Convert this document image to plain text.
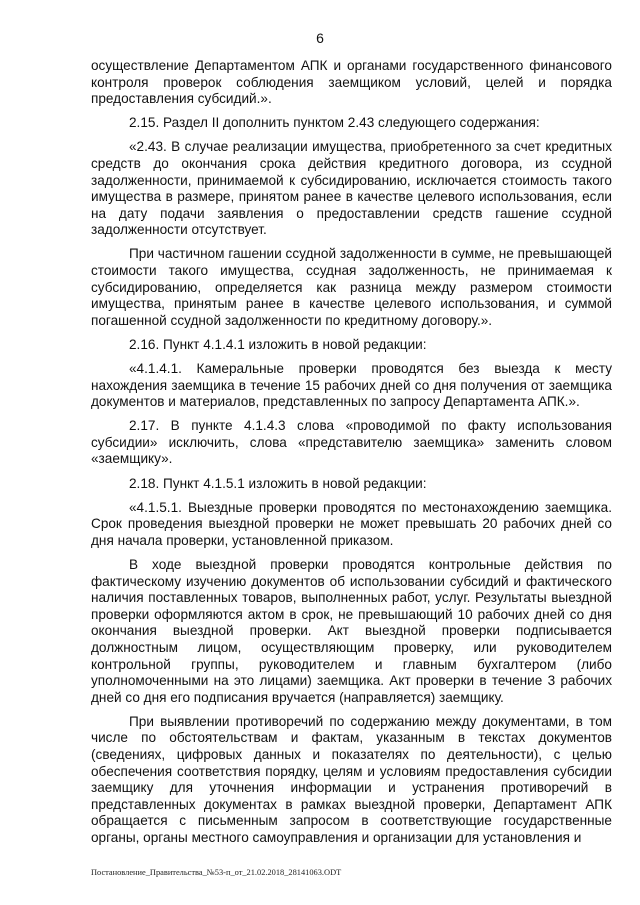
6

осуществление Департаментом АПК и органами государственного финансового контроля проверок соблюдения заемщиком условий, целей и порядка предоставления субсидий.».

2.15. Раздел II дополнить пунктом 2.43 следующего содержания:

«2.43. В случае реализации имущества, приобретенного за счет кредитных средств до окончания срока действия кредитного договора, из ссудной задолженности, принимаемой к субсидированию, исключается стоимость такого имущества в размере, принятом ранее в качестве целевого использования, если на дату подачи заявления о предоставлении средств гашение ссудной задолженности отсутствует.

При частичном гашении ссудной задолженности в сумме, не превышающей стоимости такого имущества, ссудная задолженность, не принимаемая к субсидированию, определяется как разница между размером стоимости имущества, принятым ранее в качестве целевого использования, и суммой погашенной ссудной задолженности по кредитному договору.».

2.16. Пункт 4.1.4.1 изложить в новой редакции:

«4.1.4.1. Камеральные проверки проводятся без выезда к месту нахождения заемщика в течение 15 рабочих дней со дня получения от заемщика документов и материалов, представленных по запросу Департамента АПК.».

2.17. В пункте 4.1.4.3 слова «проводимой по факту использования субсидии» исключить, слова «представителю заемщика» заменить словом «заемщику».

2.18. Пункт 4.1.5.1 изложить в новой редакции:

«4.1.5.1. Выездные проверки проводятся по местонахождению заемщика. Срок проведения выездной проверки не может превышать 20 рабочих дней со дня начала проверки, установленной приказом.

В ходе выездной проверки проводятся контрольные действия по фактическому изучению документов об использовании субсидий и фактического наличия поставленных товаров, выполненных работ, услуг. Результаты выездной проверки оформляются актом в срок, не превышающий 10 рабочих дней со дня окончания выездной проверки. Акт выездной проверки подписывается должностным лицом, осуществляющим проверку, или руководителем контрольной группы, руководителем и главным бухгалтером (либо уполномоченными на это лицами) заемщика. Акт проверки в течение 3 рабочих дней со дня его подписания вручается (направляется) заемщику.

При выявлении противоречий по содержанию между документами, в том числе по обстоятельствам и фактам, указанным в текстах документов (сведениях, цифровых данных и показателях по деятельности), с целью обеспечения соответствия порядку, целям и условиям предоставления субсидии заемщику для уточнения информации и устранения противоречий в представленных документах в рамках выездной проверки, Департамент АПК обращается с письменным запросом в соответствующие государственные органы, органы местного самоуправления и организации для установления и

Постановление_Правительства_№53-п_от_21.02.2018_28141063.ODT
